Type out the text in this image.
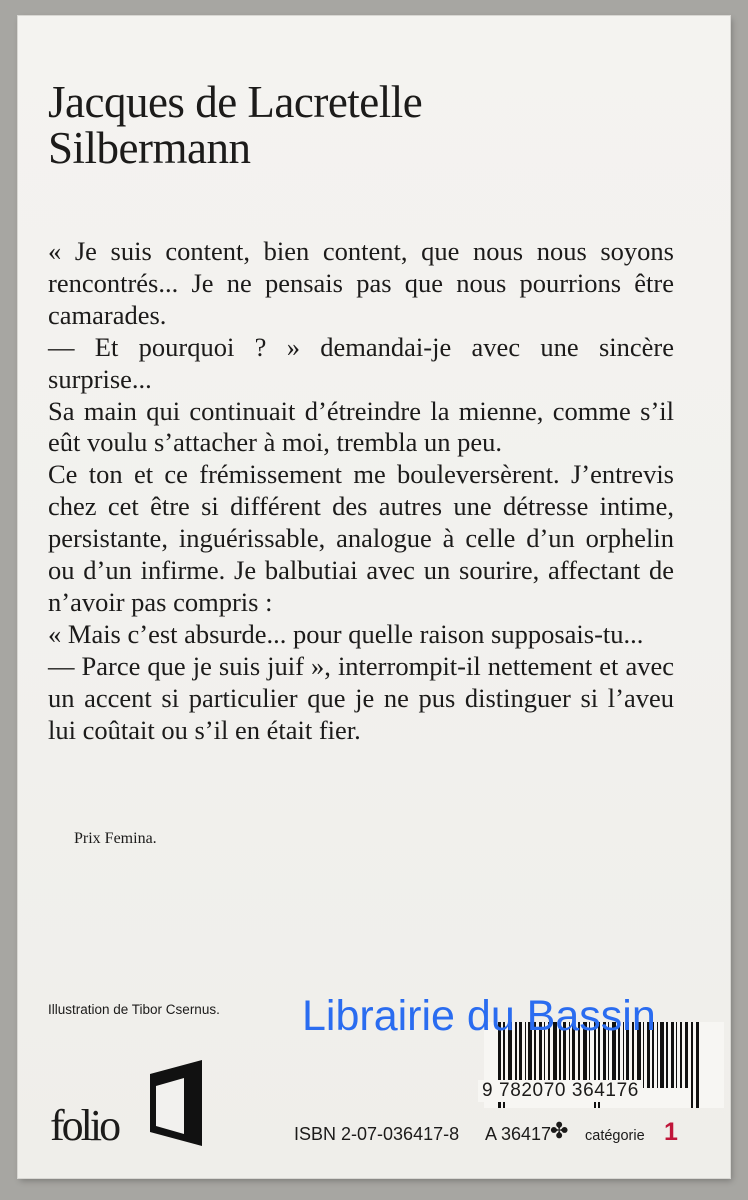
Jacques de Lacretelle
Silbermann

« Je suis content, bien content, que nous nous soyons rencontrés... Je ne pensais pas que nous pourrions être camarades.

— Et pourquoi ? » demandai-je avec une sincère surprise...

Sa main qui continuait d’étreindre la mienne, comme s’il eût voulu s’attacher à moi, trembla un peu.

Ce ton et ce frémissement me bouleversèrent. J’entrevis chez cet être si différent des autres une détresse intime, persistante, inguérissable, analogue à celle d’un orphelin ou d’un infirme. Je balbutiai avec un sourire, affectant de n’avoir pas compris :

« Mais c’est absurde... pour quelle raison supposais-tu...

— Parce que je suis juif », interrompit-il nettement et avec un accent si particulier que je ne pus distinguer si l’aveu lui coûtait ou s’il en était fier.

Prix Femina.
Illustration de Tibor Csernus. Librairie du Bassin
9 782070 364176
folio	ISBN 2-07-036417-8 A 36417
✤ catégorie 1
